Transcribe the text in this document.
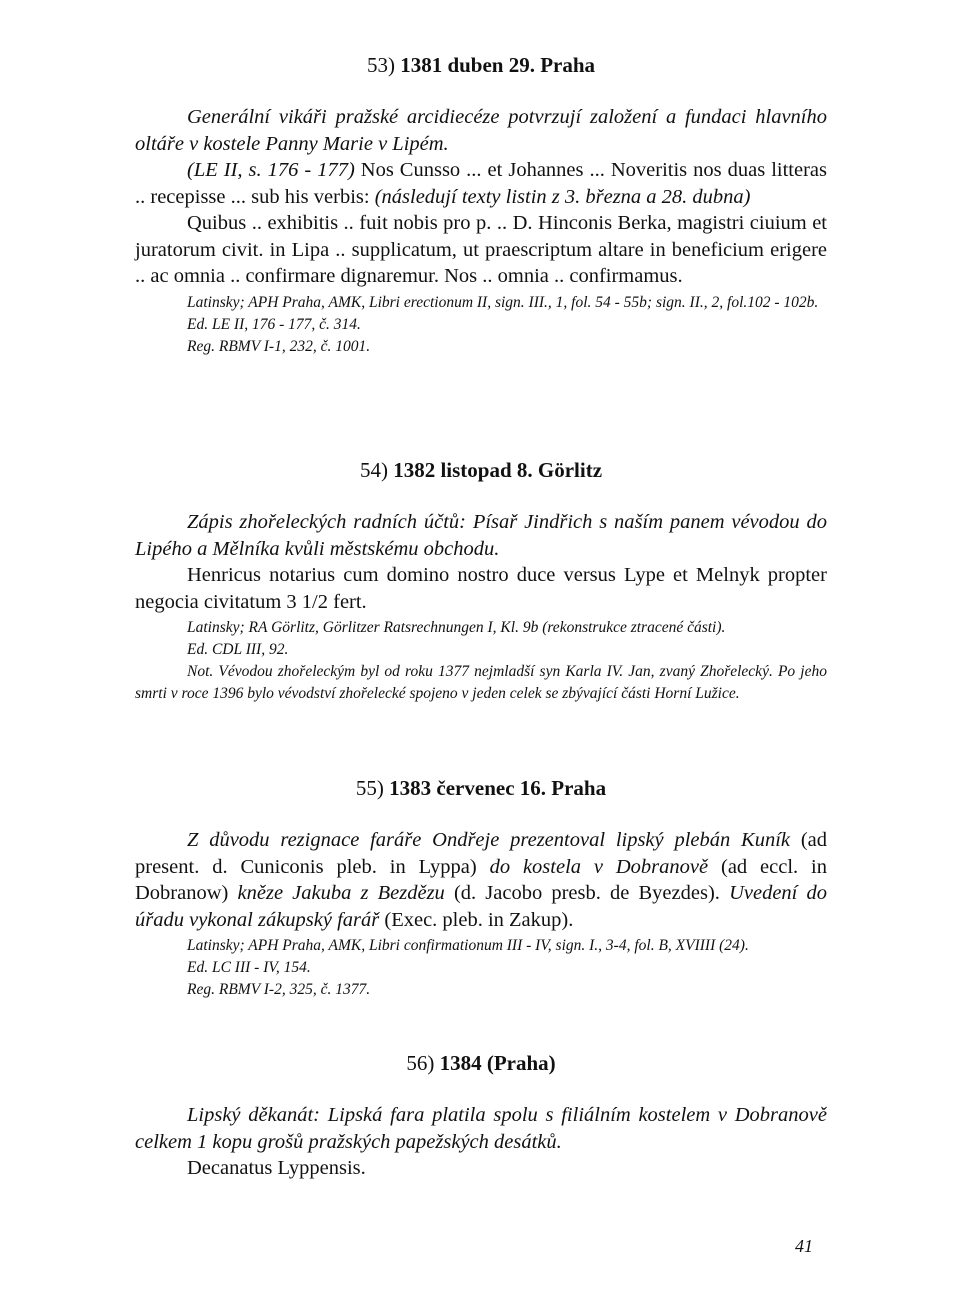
53) 1381 duben 29. Praha

Generální vikáři pražské arcidiecéze potvrzují založení a fundaci hlavního oltáře v kostele Panny Marie v Lipém.

(LE II, s. 176 - 177) Nos Cunsso ... et Johannes ... Noveritis nos duas litteras .. recepisse ... sub his verbis: (následují texty listin z 3. března a 28. dubna)

Quibus .. exhibitis .. fuit nobis pro p. .. D. Hinconis Berka, magistri ciuium et juratorum civit. in Lipa .. supplicatum, ut praescriptum altare in beneficium erigere .. ac omnia .. confirmare dignaremur. Nos .. omnia .. confirmamus.

Latinsky; APH Praha, AMK, Libri erectionum II, sign. III., 1, fol. 54 - 55b; sign. II., 2, fol.102 - 102b.

Ed. LE II, 176 - 177, č. 314.

Reg. RBMV I-1, 232, č. 1001.

54) 1382 listopad 8. Görlitz

Zápis zhořeleckých radních účtů: Písař Jindřich s naším panem vévodou do Lipého a Mělníka kvůli městskému obchodu.

Henricus notarius cum domino nostro duce versus Lype et Melnyk propter negocia civitatum 3 1/2 fert.

Latinsky; RA Görlitz, Görlitzer Ratsrechnungen I, Kl. 9b (rekonstrukce ztracené části).

Ed. CDL III, 92.

Not. Vévodou zhořeleckým byl od roku 1377 nejmladší syn Karla IV. Jan, zvaný Zhořelecký. Po jeho smrti v roce 1396 bylo vévodství zhořelecké spojeno v jeden celek se zbývající části Horní Lužice.

55) 1383 červenec 16. Praha

Z důvodu rezignace faráře Ondřeje prezentoval lipský plebán Kuník (ad present. d. Cuniconis pleb. in Lyppa) do kostela v Dobranově (ad eccl. in Dobranow) kněze Jakuba z Bezdězu (d. Jacobo presb. de Byezdes). Uvedení do úřadu vykonal zákupský farář (Exec. pleb. in Zakup).

Latinsky; APH Praha, AMK, Libri confirmationum III - IV, sign. I., 3-4, fol. B, XVIIII (24).

Ed. LC III - IV, 154.

Reg. RBMV I-2, 325, č. 1377.

56) 1384 (Praha)

Lipský děkanát: Lipská fara platila spolu s filiálním kostelem v Dobranově celkem 1 kopu grošů pražských papežských desátků.

Decanatus Lyppensis.

41
